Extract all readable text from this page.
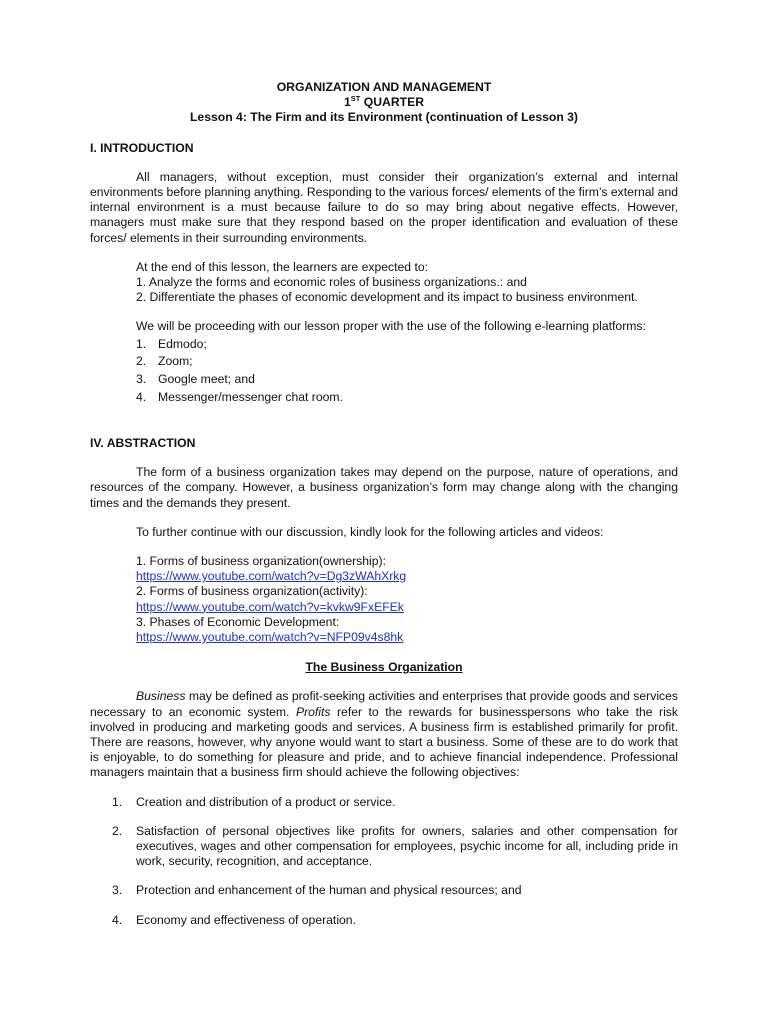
ORGANIZATION AND MANAGEMENT

1ST QUARTER

Lesson 4: The Firm and its Environment (continuation of Lesson 3)

I. INTRODUCTION

All managers, without exception, must consider their organization’s external and internal environments before planning anything. Responding to the various forces/ elements of the firm’s external and internal environment is a must because failure to do so may bring about negative effects. However, managers must make sure that they respond based on the proper identification and evaluation of these forces/ elements in their surrounding environments.

At the end of this lesson, the learners are expected to:
1. Analyze the forms and economic roles of business organizations.: and
2. Differentiate the phases of economic development and its impact to business environment.
We will be proceeding with our lesson proper with the use of the following e-learning platforms:
1. Edmodo;
2. Zoom;
3. Google meet; and
4. Messenger/messenger chat room.

IV. ABSTRACTION

The form of a business organization takes may depend on the purpose, nature of operations, and resources of the company. However, a business organization’s form may change along with the changing times and the demands they present.

To further continue with our discussion, kindly look for the following articles and videos:
1. Forms of business organization(ownership):
https://www.youtube.com/watch?v=Dg3zWAhXrkg
2. Forms of business organization(activity):
https://www.youtube.com/watch?v=kvkw9FxEFEk
3. Phases of Economic Development:
https://www.youtube.com/watch?v=NFP09v4s8hk

The Business Organization

Business may be defined as profit-seeking activities and enterprises that provide goods and services necessary to an economic system. Profits refer to the rewards for businesspersons who take the risk involved in producing and marketing goods and services. A business firm is established primarily for profit. There are reasons, however, why anyone would want to start a business. Some of these are to do work that is enjoyable, to do something for pleasure and pride, and to achieve financial independence. Professional managers maintain that a business firm should achieve the following objectives:

1. Creation and distribution of a product or service.
2. Satisfaction of personal objectives like profits for owners, salaries and other compensation for executives, wages and other compensation for employees, psychic income for all, including pride in work, security, recognition, and acceptance.
3. Protection and enhancement of the human and physical resources; and
4. Economy and effectiveness of operation.
